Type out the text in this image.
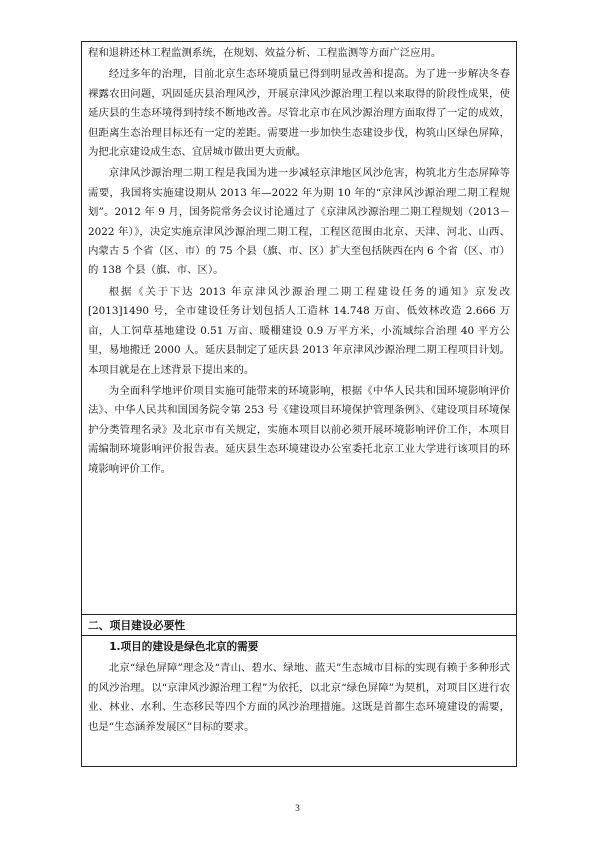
程和退耕还林工程监测系统，在规划、效益分析、工程监测等方面广泛应用。

经过多年的治理，目前北京生态环境质量已得到明显改善和提高。为了进一步解决冬春裸露农田问题，巩固延庆县治理风沙，开展京津风沙源治理工程以来取得的阶段性成果，使延庆县的生态环境得到持续不断地改善。尽管北京市在风沙源治理方面取得了一定的成效，但距离生态治理目标还有一定的差距。需要进一步加快生态建设步伐，构筑山区绿色屏障，为把北京建设成生态、宜居城市做出更大贡献。

京津风沙源治理二期工程是我国为进一步减轻京津地区风沙危害，构筑北方生态屏障等需要，我国将实施建设期从 2013 年—2022 年为期 10 年的“京津风沙源治理二期工程规划”。2012 年 9 月，国务院常务会议讨论通过了《京津风沙源治理二期工程规划（2013－2022 年）》，决定实施京津风沙源治理二期工程，工程区范围由北京、天津、河北、山西、内蒙古 5 个省（区、市）的 75 个县（旗、市、区）扩大至包括陕西在内 6 个省（区、市）的 138 个县（旗、市、区）。

根据《关于下达 2013 年京津风沙源治理二期工程建设任务的通知》京发改[2013]1490 号，全市建设任务计划包括人工造林 14.748 万亩、低效林改造 2.666 万亩，人工饲草基地建设 0.51 万亩、暖棚建设 0.9 万平方米，小流域综合治理 40 平方公里，易地搬迁 2000 人。延庆县制定了延庆县 2013 年京津风沙源治理二期工程项目计划。本项目就是在上述背景下提出来的。

为全面科学地评价项目实施可能带来的环境影响，根据《中华人民共和国环境影响评价法》、中华人民共和国国务院令第 253 号《建设项目环境保护管理条例》、《建设项目环境保护分类管理名录》及北京市有关规定，实施本项目以前必须开展环境影响评价工作，本项目需编制环境影响评价报告表。延庆县生态环境建设办公室委托北京工业大学进行该项目的环境影响评价工作。

二、项目建设必要性

1.项目的建设是绿色北京的需要

北京“绿色屏障”理念及“青山、碧水、绿地、蓝天”生态城市目标的实现有赖于多种形式的风沙治理。以“京津风沙源治理工程”为依托，以北京“绿色屏障”为契机，对项目区进行农业、林业、水利、生态移民等四个方面的风沙治理措施。这既是首都生态环境建设的需要，也是“生态涵养发展区”目标的要求。

3
